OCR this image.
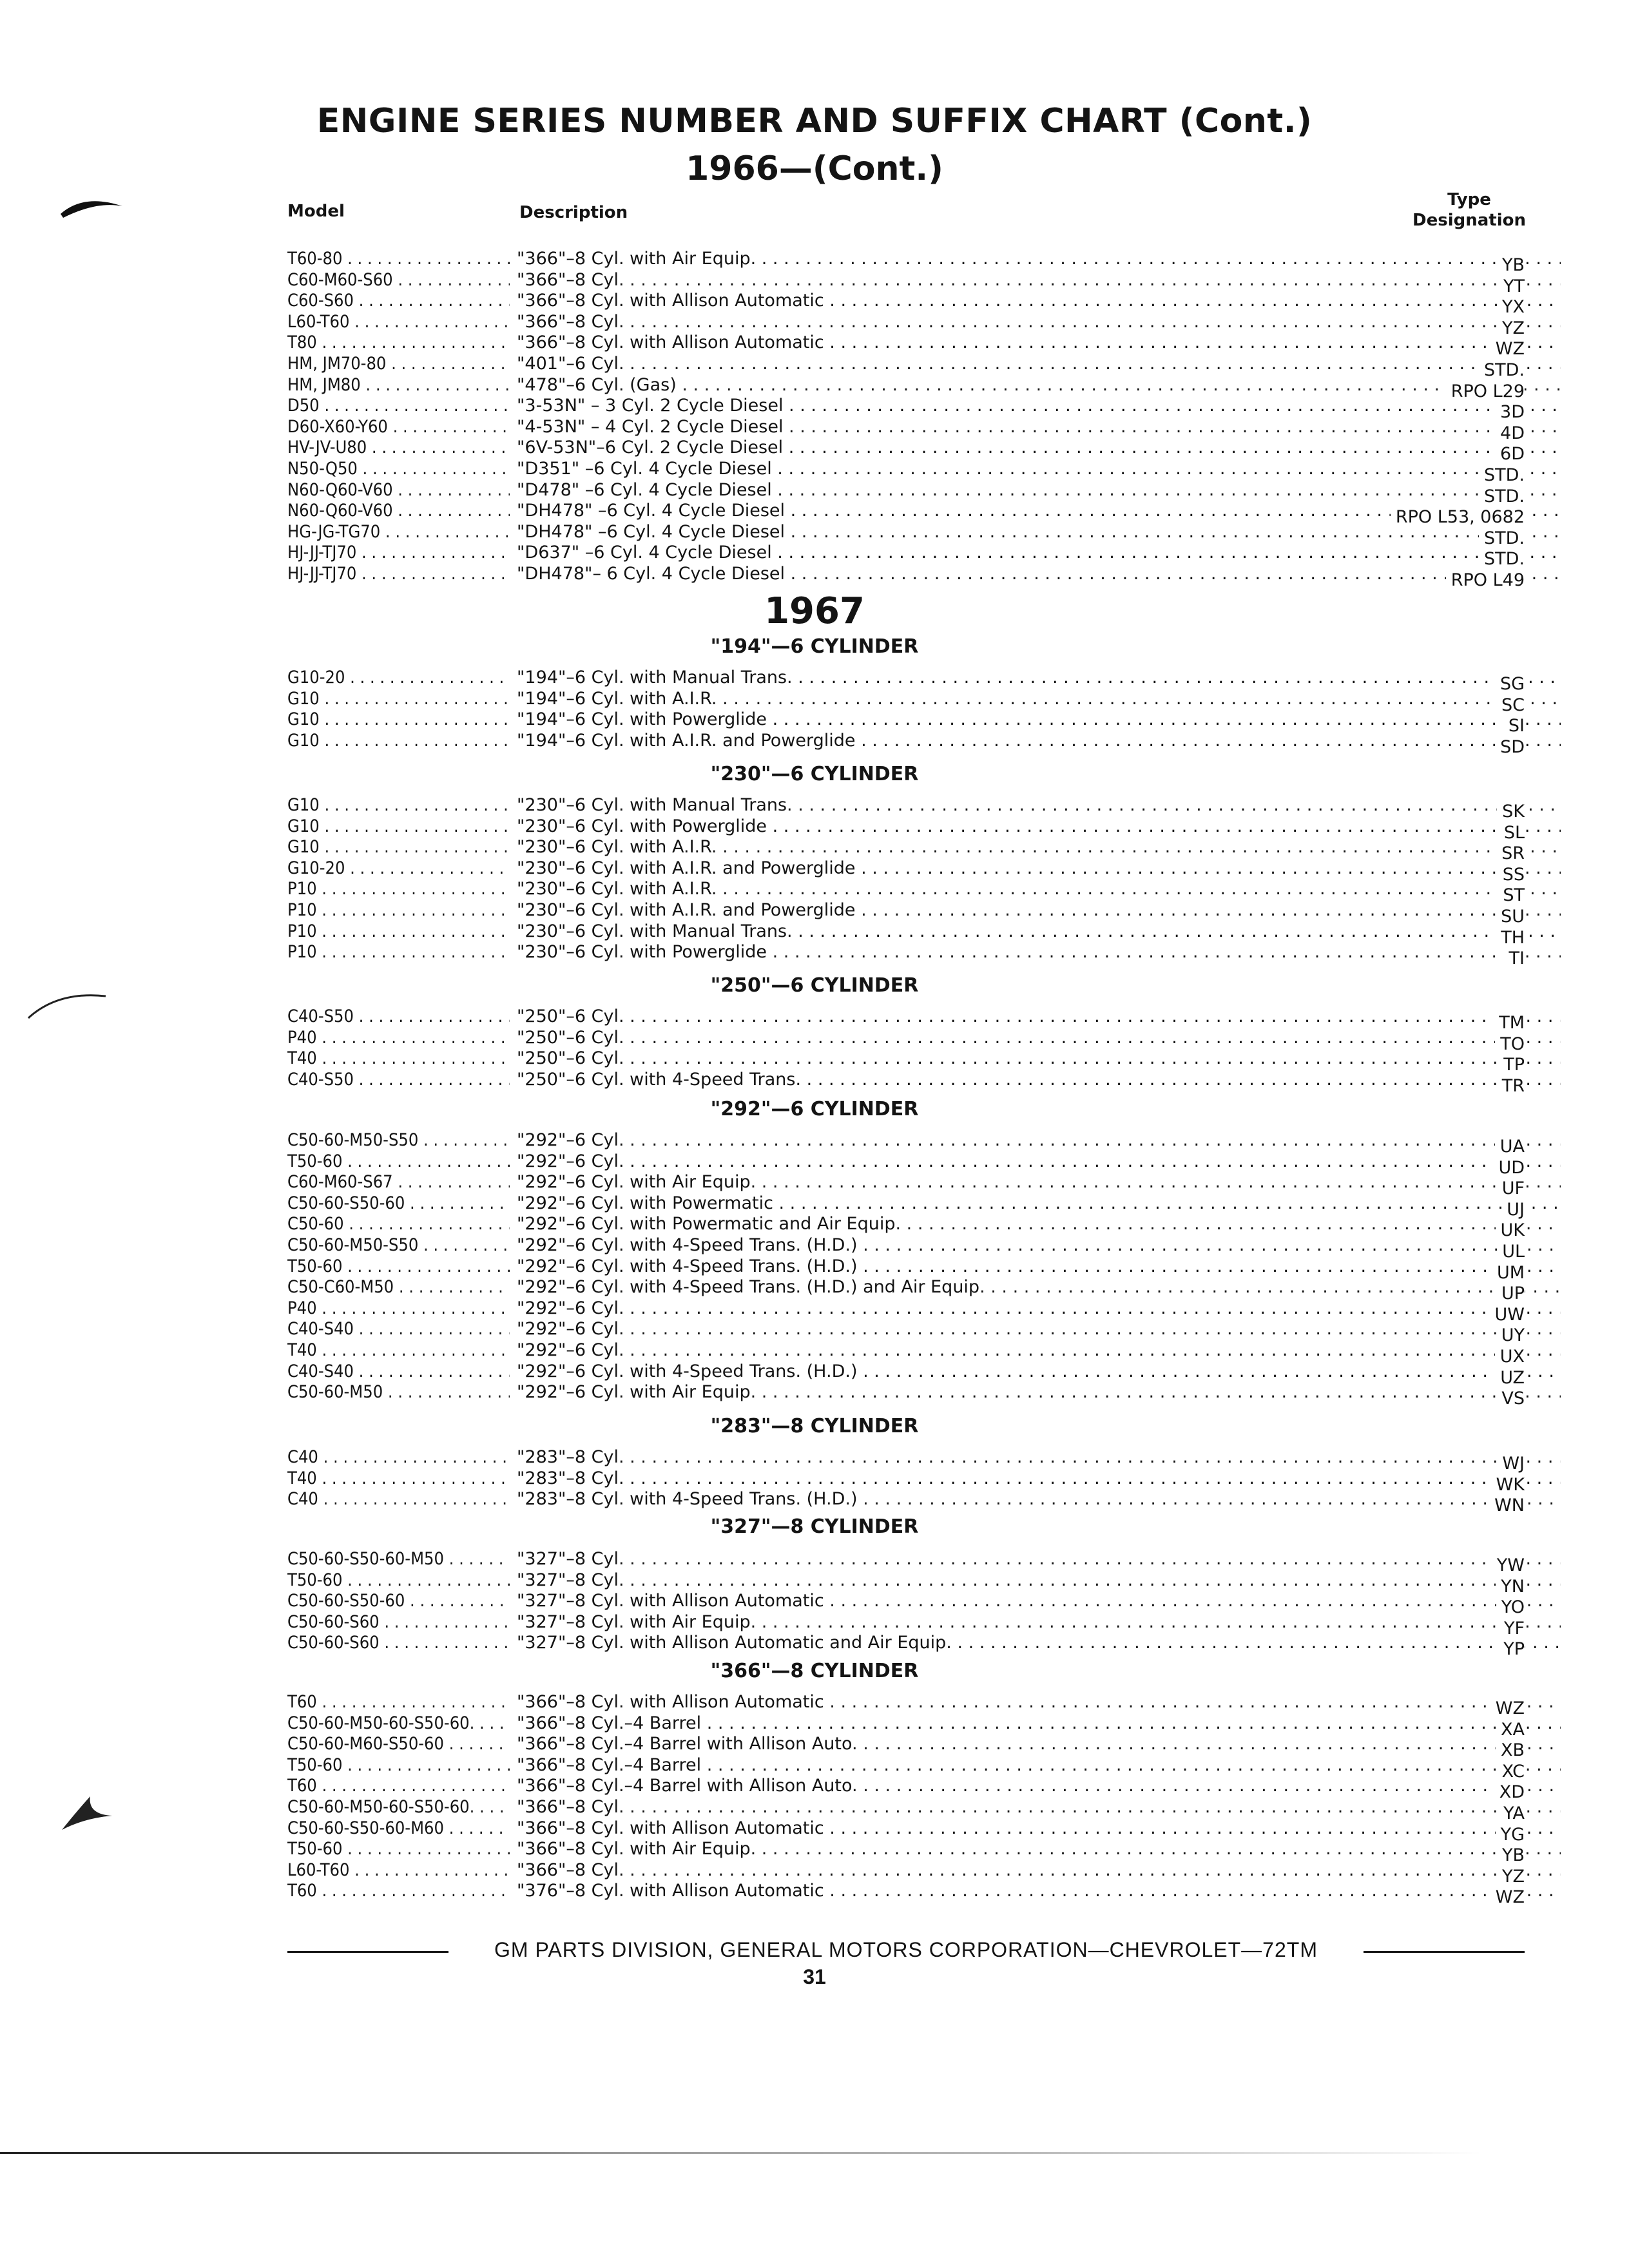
ENGINE SERIES NUMBER AND SUFFIX CHART (Cont.)
1966—(Cont.)
Model	Description
Type
Designation
1967
T60-80 . . .	"366"–8 Cyl. with Air Equip. . . .	YB
C60-M60-S60 . . .	"366"–8 Cyl. . . .	YT
C60-S60 . . .	"366"–8 Cyl. with Allison Automatic . . .	YX
L60-T60 . . .	"366"–8 Cyl. . . .	YZ
T80 . . .	"366"–8 Cyl. with Allison Automatic . . .	WZ
HM, JM70-80 . . .	"401"–6 Cyl. . . .	STD.
HM, JM80 . . .	"478"–6 Cyl. (Gas) . . .	RPO L29
D50 . . .	"3-53N" – 3 Cyl. 2 Cycle Diesel . . .	3D
D60-X60-Y60 . . .	"4-53N" – 4 Cyl. 2 Cycle Diesel . . .	4D
HV-JV-U80 . . .	"6V-53N"–6 Cyl. 2 Cycle Diesel . . .	6D
N50-Q50 . . .	"D351" –6 Cyl. 4 Cycle Diesel . . .	STD.
N60-Q60-V60 . . .	"D478" –6 Cyl. 4 Cycle Diesel . . .	STD.
N60-Q60-V60 . . .	"DH478" –6 Cyl. 4 Cycle Diesel . . .	RPO L53, 0682
HG-JG-TG70 . . .	"DH478" –6 Cyl. 4 Cycle Diesel . . .	STD.
HJ-JJ-TJ70 . . .	"D637" –6 Cyl. 4 Cycle Diesel . . .	STD.
HJ-JJ-TJ70 . . .	"DH478"– 6 Cyl. 4 Cycle Diesel . . .	RPO L49
"194"—6 CYLINDER
G10-20 . . .	"194"–6 Cyl. with Manual Trans. . . .	SG
G10 . . .	"194"–6 Cyl. with A.I.R. . . .	SC
G10 . . .	"194"–6 Cyl. with Powerglide . . .	SI
G10 . . .	"194"–6 Cyl. with A.I.R. and Powerglide . . .	SD
"230"—6 CYLINDER
G10 . . .	"230"–6 Cyl. with Manual Trans. . . .	SK
G10 . . .	"230"–6 Cyl. with Powerglide . . .	SL
G10 . . .	"230"–6 Cyl. with A.I.R. . . .	SR
G10-20 . . .	"230"–6 Cyl. with A.I.R. and Powerglide . . .	SS
P10 . . .	"230"–6 Cyl. with A.I.R. . . .	ST
P10 . . .	"230"–6 Cyl. with A.I.R. and Powerglide . . .	SU
P10 . . .	"230"–6 Cyl. with Manual Trans. . . .	TH
P10 . . .	"230"–6 Cyl. with Powerglide . . .	TI
"250"—6 CYLINDER
C40-S50 . . .	"250"–6 Cyl. . . .	TM
P40 . . .	"250"–6 Cyl. . . .	TO
T40 . . .	"250"–6 Cyl. . . .	TP
C40-S50 . . .	"250"–6 Cyl. with 4-Speed Trans. . . .	TR
"292"—6 CYLINDER
C50-60-M50-S50 . . .	"292"–6 Cyl. . . .	UA
T50-60 . . .	"292"–6 Cyl. . . .	UD
C60-M60-S67 . . .	"292"–6 Cyl. with Air Equip. . . .	UF
C50-60-S50-60 . . .	"292"–6 Cyl. with Powermatic . . .	UJ
C50-60 . . .	"292"–6 Cyl. with Powermatic and Air Equip. . . .	UK
C50-60-M50-S50 . . .	"292"–6 Cyl. with 4-Speed Trans. (H.D.) . . .	UL
T50-60 . . .	"292"–6 Cyl. with 4-Speed Trans. (H.D.) . . .	UM
C50-C60-M50 . . .	"292"–6 Cyl. with 4-Speed Trans. (H.D.) and Air Equip. . . .	UP
P40 . . .	"292"–6 Cyl. . . .	UW
C40-S40 . . .	"292"–6 Cyl. . . .	UY
T40 . . .	"292"–6 Cyl. . . .	UX
C40-S40 . . .	"292"–6 Cyl. with 4-Speed Trans. (H.D.) . . .	UZ
C50-60-M50 . . .	"292"–6 Cyl. with Air Equip. . . .	VS
"283"—8 CYLINDER
C40 . . .	"283"–8 Cyl. . . .	WJ
T40 . . .	"283"–8 Cyl. . . .	WK
C40 . . .	"283"–8 Cyl. with 4-Speed Trans. (H.D.) . . .	WN
"327"—8 CYLINDER
C50-60-S50-60-M50 . . .	"327"–8 Cyl. . . .	YW
T50-60 . . .	"327"–8 Cyl. . . .	YN
C50-60-S50-60 . . .	"327"–8 Cyl. with Allison Automatic . . .	YO
C50-60-S60 . . .	"327"–8 Cyl. with Air Equip. . . .	YF
C50-60-S60 . . .	"327"–8 Cyl. with Allison Automatic and Air Equip. . . .	YP
"366"—8 CYLINDER
T60 . . .	"366"–8 Cyl. with Allison Automatic . . .	WZ
C50-60-M50-60-S50-60. . . .	"366"–8 Cyl.–4 Barrel . . .	XA
C50-60-M60-S50-60 . . .	"366"–8 Cyl.–4 Barrel with Allison Auto. . . .	XB
T50-60 . . .	"366"–8 Cyl.–4 Barrel . . .	XC
T60 . . .	"366"–8 Cyl.–4 Barrel with Allison Auto. . . .	XD
C50-60-M50-60-S50-60. . . .	"366"–8 Cyl. . . .	YA
C50-60-S50-60-M60 . . .	"366"–8 Cyl. with Allison Automatic . . .	YG
T50-60 . . .	"366"–8 Cyl. with Air Equip. . . .	YB
L60-T60 . . .	"366"–8 Cyl. . . .	YZ
T60 . . .	"376"–8 Cyl. with Allison Automatic . . .	WZ
GM PARTS DIVISION, GENERAL MOTORS CORPORATION—CHEVROLET—72TM
31
